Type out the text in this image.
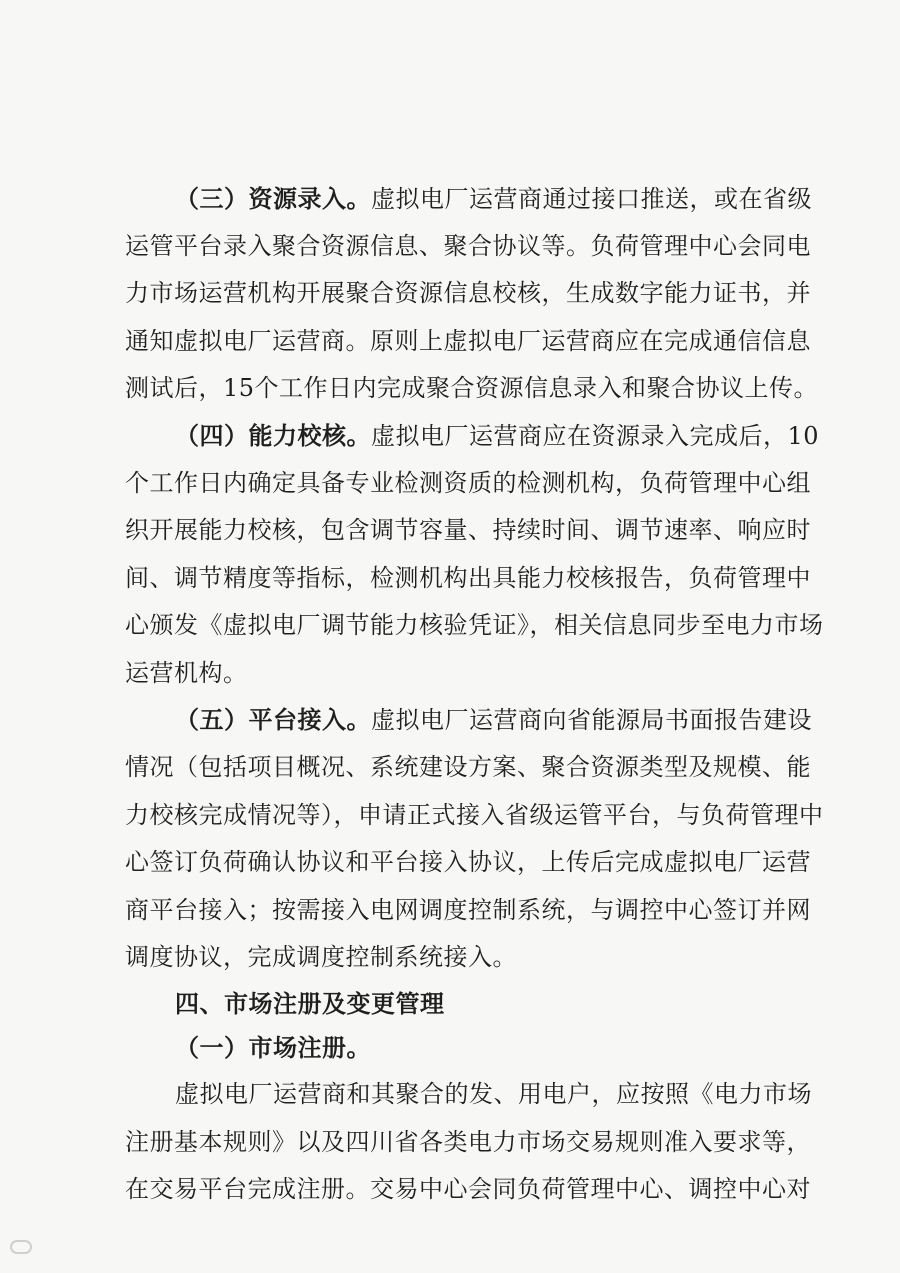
（三）资源录入。虚拟电厂运营商通过接口推送，或在省级
运管平台录入聚合资源信息、聚合协议等。负荷管理中心会同电
力市场运营机构开展聚合资源信息校核，生成数字能力证书，并
通知虚拟电厂运营商。原则上虚拟电厂运营商应在完成通信信息
测试后，15个工作日内完成聚合资源信息录入和聚合协议上传。
（四）能力校核。虚拟电厂运营商应在资源录入完成后，10
个工作日内确定具备专业检测资质的检测机构，负荷管理中心组
织开展能力校核，包含调节容量、持续时间、调节速率、响应时
间、调节精度等指标，检测机构出具能力校核报告，负荷管理中
心颁发《虚拟电厂调节能力核验凭证》，相关信息同步至电力市场
运营机构。
（五）平台接入。虚拟电厂运营商向省能源局书面报告建设
情况（包括项目概况、系统建设方案、聚合资源类型及规模、能
力校核完成情况等），申请正式接入省级运管平台，与负荷管理中
心签订负荷确认协议和平台接入协议，上传后完成虚拟电厂运营
商平台接入；按需接入电网调度控制系统，与调控中心签订并网
调度协议，完成调度控制系统接入。
四、市场注册及变更管理
（一）市场注册。
虚拟电厂运营商和其聚合的发、用电户，应按照《电力市场
注册基本规则》以及四川省各类电力市场交易规则准入要求等，
在交易平台完成注册。交易中心会同负荷管理中心、调控中心对
